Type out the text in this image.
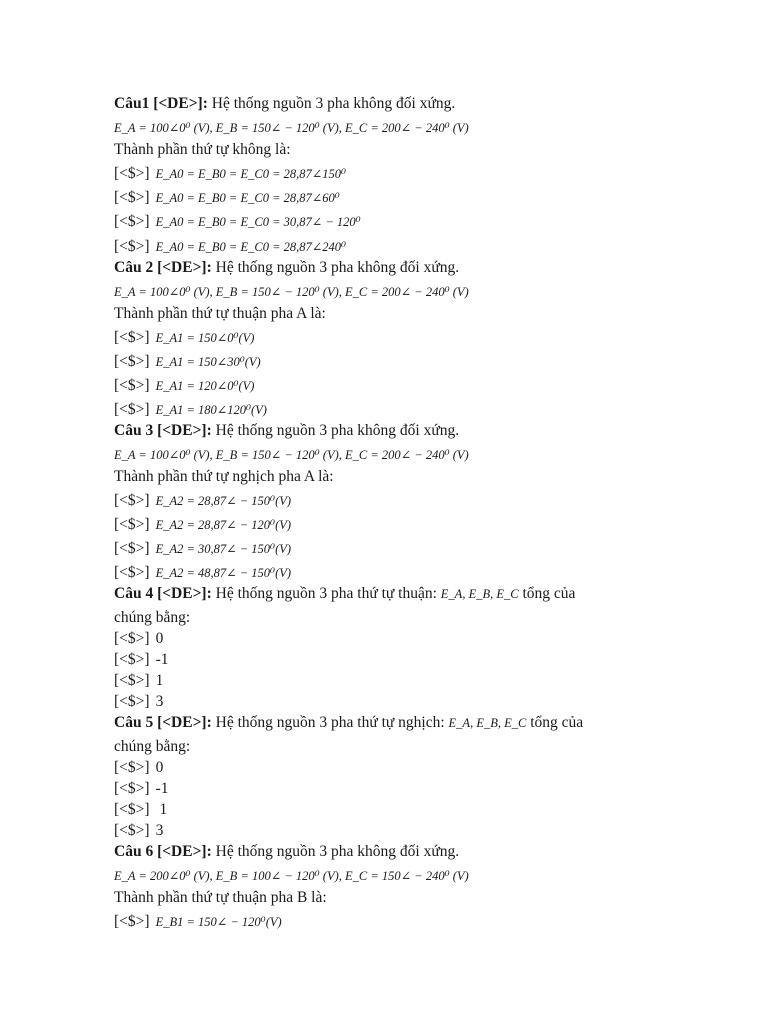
Câu1 [<DE>]: Hệ thống nguồn 3 pha không đối xứng.
E_A = 100∠0⁰ (V), E_B = 150∠ − 120⁰ (V), E_C = 200∠ − 240⁰ (V)
Thành phần thứ tự không là:
[<$>] E_A0 = E_B0 = E_C0 = 28,87∠150⁰
[<$>] E_A0 = E_B0 = E_C0 = 28,87∠60⁰
[<$>] E_A0 = E_B0 = E_C0 = 30,87∠ − 120⁰
[<$>] E_A0 = E_B0 = E_C0 = 28,87∠240⁰
Câu 2 [<DE>]: Hệ thống nguồn 3 pha không đối xứng.
E_A = 100∠0⁰ (V), E_B = 150∠ − 120⁰ (V), E_C = 200∠ − 240⁰ (V)
Thành phần thứ tự thuận pha A là:
[<$>] E_A1 = 150∠0⁰(V)
[<$>] E_A1 = 150∠30⁰(V)
[<$>] E_A1 = 120∠0⁰(V)
[<$>] E_A1 = 180∠120⁰(V)
Câu 3 [<DE>]: Hệ thống nguồn 3 pha không đối xứng.
E_A = 100∠0⁰ (V), E_B = 150∠ − 120⁰ (V), E_C = 200∠ − 240⁰ (V)
Thành phần thứ tự nghịch pha A là:
[<$>] E_A2 = 28,87∠ − 150⁰(V)
[<$>] E_A2 = 28,87∠ − 120⁰(V)
[<$>] E_A2 = 30,87∠ − 150⁰(V)
[<$>] E_A2 = 48,87∠ − 150⁰(V)
Câu 4 [<DE>]: Hệ thống nguồn 3 pha thứ tự thuận: E_A, E_B, E_C tổng của
chúng bằng:
[<$>] 0
[<$>] -1
[<$>] 1
[<$>] 3
Câu 5 [<DE>]: Hệ thống nguồn 3 pha thứ tự nghịch: E_A, E_B, E_C tổng của
chúng bằng:
[<$>] 0
[<$>] -1
[<$>] 1
[<$>] 3
Câu 6 [<DE>]: Hệ thống nguồn 3 pha không đối xứng.
E_A = 200∠0⁰ (V), E_B = 100∠ − 120⁰ (V), E_C = 150∠ − 240⁰ (V)
Thành phần thứ tự thuận pha B là:
[<$>] E_B1 = 150∠ − 120⁰(V)
